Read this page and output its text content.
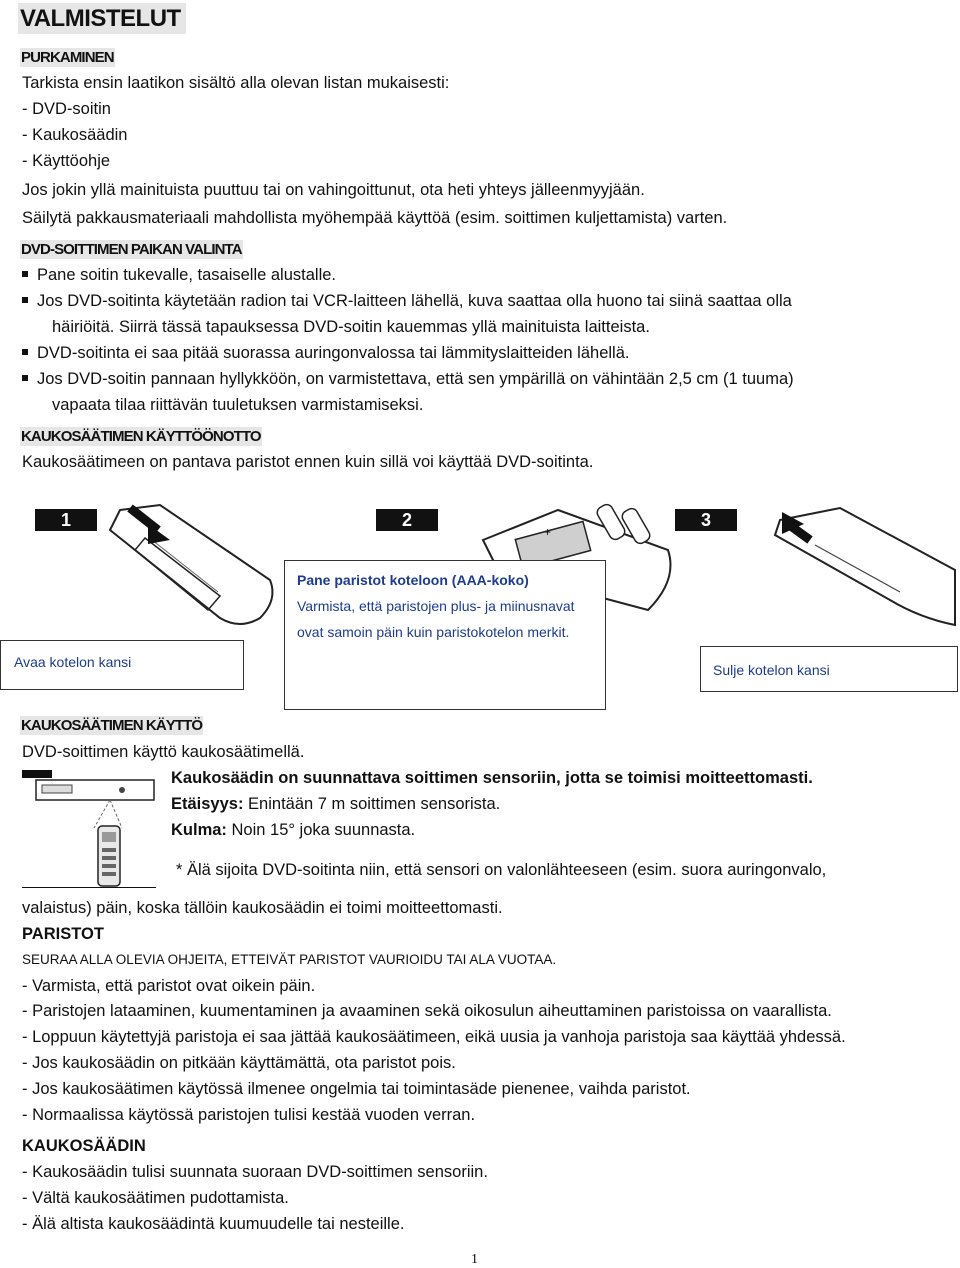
VALMISTELUT
PURKAMINEN
Tarkista ensin laatikon sisältö alla olevan listan mukaisesti:
- DVD-soitin
- Kaukosäädin
- Käyttöohje
Jos jokin yllä mainituista puuttuu tai on vahingoittunut, ota heti yhteys jälleenmyyjään.
Säilytä pakkausmateriaali mahdollista myöhempää käyttöä (esim. soittimen kuljettamista) varten.
DVD-SOITTIMEN PAIKAN VALINTA
Pane soitin tukevalle, tasaiselle alustalle.
Jos DVD-soitinta käytetään radion tai VCR-laitteen lähellä, kuva saattaa olla huono tai siinä saattaa olla
häiriöitä. Siirrä tässä tapauksessa DVD-soitin kauemmas yllä mainituista laitteista.
DVD-soitinta ei saa pitää suorassa auringonvalossa tai lämmityslaitteiden lähellä.
Jos DVD-soitin pannaan hyllykköön, on varmistettava, että sen ympärillä on vähintään 2,5 cm (1 tuuma)
vapaata tilaa riittävän tuuletuksen varmistamiseksi.
KAUKOSÄÄTIMEN KÄYTTÖÖNOTTO
Kaukosäätimeen on pantava paristot ennen kuin sillä voi käyttää DVD-soitinta.
1	2	3
+
Avaa kotelon kansi
Pane paristot koteloon (AAA-koko)
Varmista, että paristojen plus- ja miinusnavat
ovat samoin päin kuin paristokotelon merkit.
Sulje kotelon kansi
KAUKOSÄÄTIMEN KÄYTTÖ
DVD-soittimen käyttö kaukosäätimellä.
Kaukosäädin on suunnattava soittimen sensoriin, jotta se toimisi moitteettomasti.
Etäisyys: Enintään 7 m soittimen sensorista.
Kulma: Noin 15° joka suunnasta.
* Älä sijoita DVD-soitinta niin, että sensori on valonlähteeseen (esim. suora auringonvalo,
valaistus) päin, koska tällöin kaukosäädin ei toimi moitteettomasti.
PARISTOT
SEURAA ALLA OLEVIA OHJEITA, ETTEIVÄT PARISTOT VAURIOIDU TAI ALA VUOTAA.
- Varmista, että paristot ovat oikein päin.
- Paristojen lataaminen, kuumentaminen ja avaaminen sekä oikosulun aiheuttaminen paristoissa on vaarallista.
- Loppuun käytettyjä paristoja ei saa jättää kaukosäätimeen, eikä uusia ja vanhoja paristoja saa käyttää yhdessä.
- Jos kaukosäädin on pitkään käyttämättä, ota paristot pois.
- Jos kaukosäätimen käytössä ilmenee ongelmia tai toimintasäde pienenee, vaihda paristot.
- Normaalissa käytössä paristojen tulisi kestää vuoden verran.
KAUKOSÄÄDIN
- Kaukosäädin tulisi suunnata suoraan DVD-soittimen sensoriin.
- Vältä kaukosäätimen pudottamista.
- Älä altista kaukosäädintä kuumuudelle tai nesteille.
1
